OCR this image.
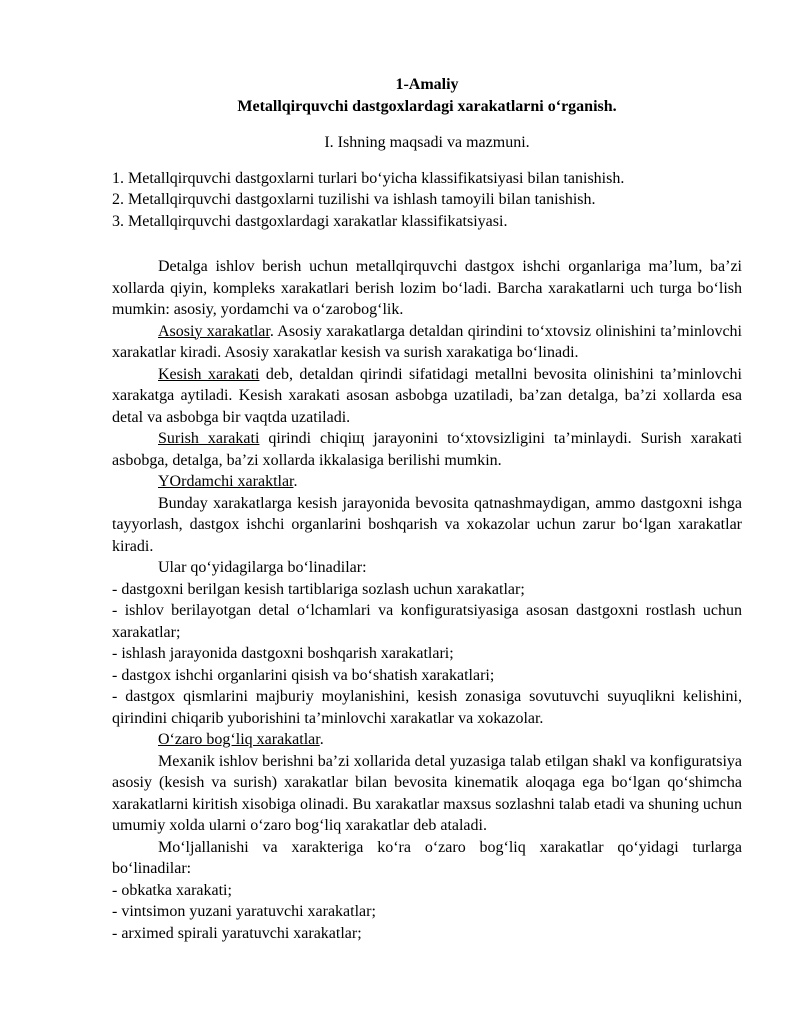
1-Amaliy
Metallqirquvchi dastgoxlardagi xarakatlarni o‘rganish.
I. Ishning maqsadi va mazmuni.

1. Metallqirquvchi dastgoxlarni turlari bo‘yicha klassifikatsiyasi bilan tanishish.

2. Metallqirquvchi dastgoxlarni tuzilishi va ishlash tamoyili bilan tanishish.

3. Metallqirquvchi dastgoxlardagi xarakatlar klassifikatsiyasi.

Detalga ishlov berish uchun metallqirquvchi dastgox ishchi organlariga ma’lum, ba’zi xollarda qiyin, kompleks xarakatlari berish lozim bo‘ladi. Barcha xarakatlarni uch turga bo‘lish mumkin: asosiy, yordamchi va o‘zarobog‘lik.

Asosiy xarakatlar. Asosiy xarakatlarga detaldan qirindini to‘xtovsiz olinishini ta’minlovchi xarakatlar kiradi. Asosiy xarakatlar kesish va surish xarakatiga bo‘linadi.

Kesish xarakati deb, detaldan qirindi sifatidagi metallni bevosita olinishini ta’minlovchi xarakatga aytiladi. Kesish xarakati asosan asbobga uzatiladi, ba’zan detalga, ba’zi xollarda esa detal va asbobga bir vaqtda uzatiladi.

Surish xarakati qirindi chiqiщ jarayonini to‘xtovsizligini ta’minlaydi. Surish xarakati asbobga, detalga, ba’zi xollarda ikkalasiga berilishi mumkin.

YOrdamchi xaraktlar.

Bunday xarakatlarga kesish jarayonida bevosita qatnashmaydigan, ammo dastgoxni ishga tayyorlash, dastgox ishchi organlarini boshqarish va xokazolar uchun zarur bo‘lgan xarakatlar kiradi.

Ular qo‘yidagilarga bo‘linadilar:

- dastgoxni berilgan kesish tartiblariga sozlash uchun xarakatlar;

- ishlov berilayotgan detal o‘lchamlari va konfiguratsiyasiga asosan dastgoxni rostlash uchun xarakatlar;

- ishlash jarayonida dastgoxni boshqarish xarakatlari;

- dastgox ishchi organlarini qisish va bo‘shatish xarakatlari;

- dastgox qismlarini majburiy moylanishini, kesish zonasiga sovutuvchi suyuqlikni kelishini, qirindini chiqarib yuborishini ta’minlovchi xarakatlar va xokazolar.

O‘zaro bog‘liq xarakatlar.

Mexanik ishlov berishni ba’zi xollarida detal yuzasiga talab etilgan shakl va konfiguratsiya asosiy (kesish va surish) xarakatlar bilan bevosita kinematik aloqaga ega bo‘lgan qo‘shimcha xarakatlarni kiritish xisobiga olinadi. Bu xarakatlar maxsus sozlashni talab etadi va shuning uchun umumiy xolda ularni o‘zaro bog‘liq xarakatlar deb ataladi.

Mo‘ljallanishi va xarakteriga ko‘ra o‘zaro bog‘liq xarakatlar qo‘yidagi turlarga bo‘linadilar:

- obkatka xarakati;

- vintsimon yuzani yaratuvchi xarakatlar;

- arximed spirali yaratuvchi xarakatlar;
